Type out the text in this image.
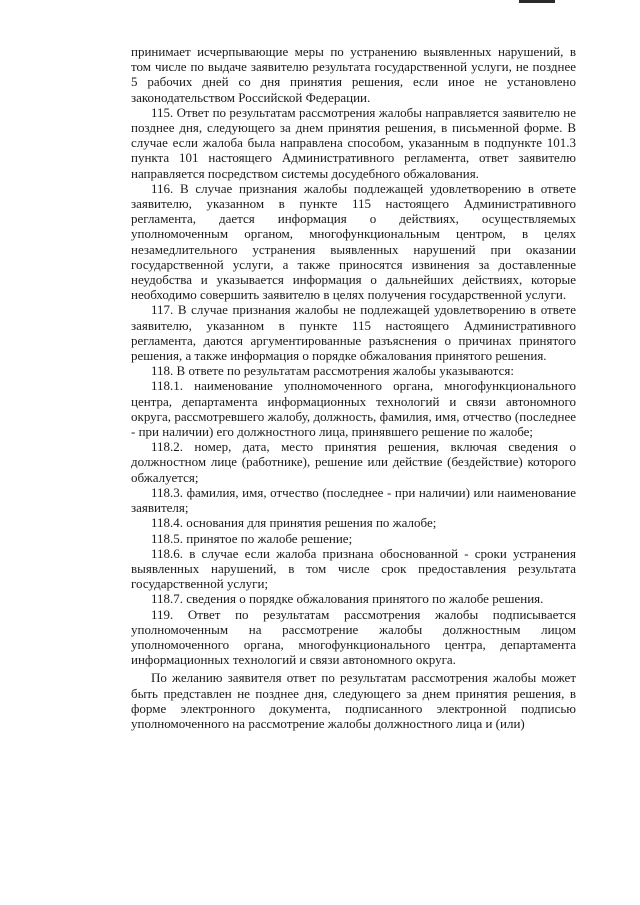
принимает исчерпывающие меры по устранению выявленных нарушений, в том числе по выдаче заявителю результата государственной услуги, не позднее 5 рабочих дней со дня принятия решения, если иное не установлено законодательством Российской Федерации.

115. Ответ по результатам рассмотрения жалобы направляется заявителю не позднее дня, следующего за днем принятия решения, в письменной форме. В случае если жалоба была направлена способом, указанным в подпункте 101.3 пункта 101 настоящего Административного регламента, ответ заявителю направляется посредством системы досудебного обжалования.

116. В случае признания жалобы подлежащей удовлетворению в ответе заявителю, указанном в пункте 115 настоящего Административного регламента, дается информация о действиях, осуществляемых уполномоченным органом, многофункциональным центром, в целях незамедлительного устранения выявленных нарушений при оказании государственной услуги, а также приносятся извинения за доставленные неудобства и указывается информация о дальнейших действиях, которые необходимо совершить заявителю в целях получения государственной услуги.

117. В случае признания жалобы не подлежащей удовлетворению в ответе заявителю, указанном в пункте 115 настоящего Административного регламента, даются аргументированные разъяснения о причинах принятого решения, а также информация о порядке обжалования принятого решения.

118. В ответе по результатам рассмотрения жалобы указываются:

118.1. наименование уполномоченного органа, многофункционального центра, департамента информационных технологий и связи автономного округа, рассмотревшего жалобу, должность, фамилия, имя, отчество (последнее - при наличии) его должностного лица, принявшего решение по жалобе;

118.2. номер, дата, место принятия решения, включая сведения о должностном лице (работнике), решение или действие (бездействие) которого обжалуется;

118.3. фамилия, имя, отчество (последнее - при наличии) или наименование заявителя;

118.4. основания для принятия решения по жалобе;

118.5. принятое по жалобе решение;

118.6. в случае если жалоба признана обоснованной - сроки устранения выявленных нарушений, в том числе срок предоставления результата государственной услуги;

118.7. сведения о порядке обжалования принятого по жалобе решения.

119. Ответ по результатам рассмотрения жалобы подписывается уполномоченным на рассмотрение жалобы должностным лицом уполномоченного органа, многофункционального центра, департамента информационных технологий и связи автономного округа.

По желанию заявителя ответ по результатам рассмотрения жалобы может быть представлен не позднее дня, следующего за днем принятия решения, в форме электронного документа, подписанного электронной подписью уполномоченного на рассмотрение жалобы должностного лица и (или)
